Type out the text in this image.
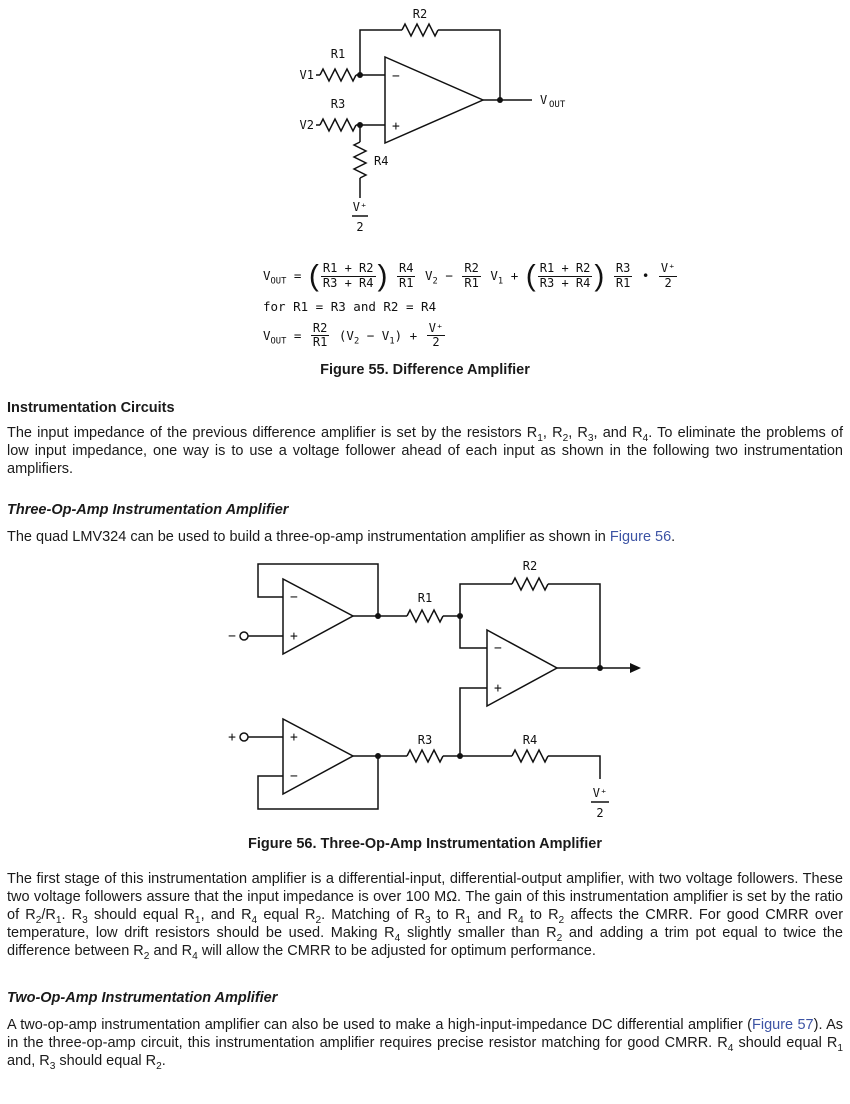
R2
R1
R3
R4
V1
V2
−
+
V OUT
V⁺
2
$V_{OUT}$ = ( $\frac{R1 + R2}{R3 + R4}$ ) $\frac{R4}{R1} V_2 - \frac{R2}{R1} V_1$ + ( $\frac{R1 + R2}{R3 + R4}$ ) $\frac{R3}{R1}$ • $\frac{V^+}{2}$
for R1 = R3 and R2 = R4
$V_{OUT} = \frac{R2}{R1} (V_2 - V_1) + \frac{V^+}{2}$
Figure 55. Difference Amplifier
Instrumentation Circuits

The input impedance of the previous difference amplifier is set by the resistors $R_1$, $R_2$, $R_3$, and $R_4$. To eliminate the problems of low input impedance, one way is to use a voltage follower ahead of each input as shown in the following two instrumentation amplifiers.

Three-Op-Amp Instrumentation Amplifier

The quad LMV324 can be used to build a three-op-amp instrumentation amplifier as shown in Figure 56.

−
+
−
+
−
+
+
−
R1
R2
R3	R4
V⁺
2
Figure 56. Three-Op-Amp Instrumentation Amplifier

The first stage of this instrumentation amplifier is a differential-input, differential-output amplifier, with two voltage followers. These two voltage followers assure that the input impedance is over 100 MΩ. The gain of this instrumentation amplifier is set by the ratio of $R_2/R_1$. $R_3$ should equal $R_1$, and $R_4$ equal $R_2$. Matching of $R_3$ to $R_1$ and $R_4$ to $R_2$ affects the CMRR. For good CMRR over temperature, low drift resistors should be used. Making $R_4$ slightly smaller than $R_2$ and adding a trim pot equal to twice the difference between $R_2$ and $R_4$ will allow the CMRR to be adjusted for optimum performance.

Two-Op-Amp Instrumentation Amplifier

A two-op-amp instrumentation amplifier can also be used to make a high-input-impedance DC differential amplifier (Figure 57). As in the three-op-amp circuit, this instrumentation amplifier requires precise resistor matching for good CMRR. $R_4$ should equal $R_1$ and, $R_3$ should equal $R_2$.
